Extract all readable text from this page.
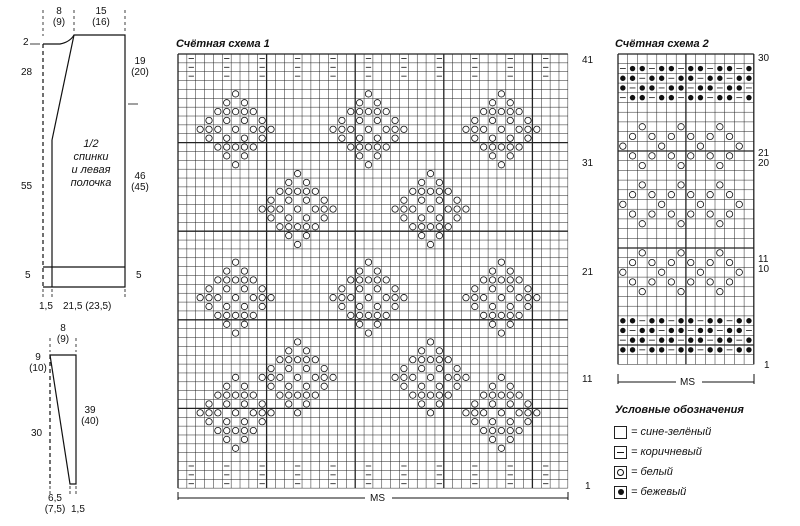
8
(9)
15
(16)
2
28
55
5
19
(20)
46
(45)
5
1/2
спинки
и левая
полочка
1,5 21,5 (23,5)
8
(9)
9
(10)
30
39
(40)
6,5
(7,5) 1,5
Счётная схема 1	Счётная схема 2
41
31
21
11
1
MS
30
21
20
11
10
1
MS
Условные обозначения
= сине-зелёный
= коричневый
= белый
= бежевый
